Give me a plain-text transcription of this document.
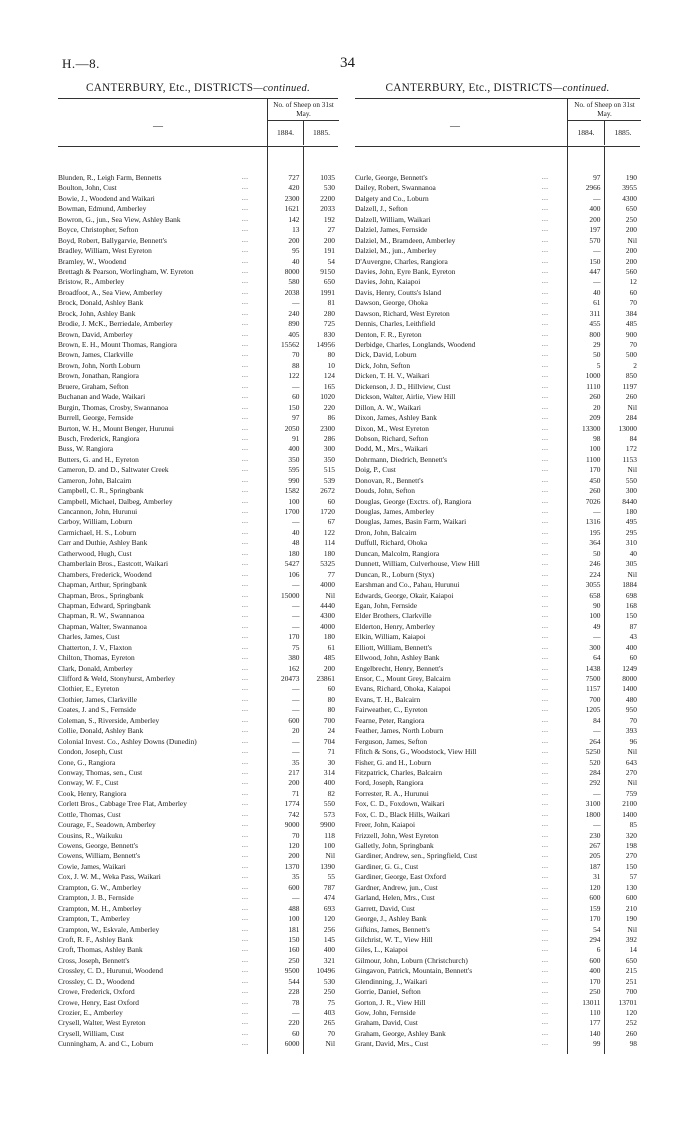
H.—8.	34
CANTERBURY, Etc., DISTRICTS—continued.
—
No. of Sheep on 31st May.
1884.	1885.
Blunden, R., Leigh Farm, Bennetts	...	727	1035
Boulton, John, Cust	...	420	530
Bowie, J., Woodend and Waikari	...	2300	2200
Bowman, Edmund, Amberley	...	1621	2033
Bowron, G., jun., Sea View, Ashley Bank	...	142	192
Boyce, Christopher, Sefton	...	13	27
Boyd, Robert, Ballygarvie, Bennett's	...	200	200
Bradley, William, West Eyreton	...	95	191
Bramley, W., Woodend	...	40	54
Brettagh & Pearson, Worlingham, W. Eyreton	...	8000	9150
Bristow, R., Amberley	...	580	650
Broadfoot, A., Sea View, Amberley	...	2038	1991
Brock, Donald, Ashley Bank	...	—	81
Brock, John, Ashley Bank	...	240	280
Brodie, J. McK., Berriedale, Amberley	...	890	725
Brown, David, Amberley	...	405	830
Brown, E. H., Mount Thomas, Rangiora	...	15562	14956
Brown, James, Clarkville	...	70	80
Brown, John, North Loburn	...	88	10
Brown, Jonathan, Rangiora	...	122	124
Bruere, Graham, Sefton	...	—	165
Buchanan and Wade, Waikari	...	60	1020
Burgin, Thomas, Crosby, Swannanoa	...	150	220
Burrell, George, Fernside	...	97	86
Burton, W. H., Mount Benger, Hurunui	...	2050	2300
Busch, Frederick, Rangiora	...	91	286
Buss, W. Rangiora	...	400	300
Butters, G. and H., Eyreton	...	350	350
Cameron, D. and D., Saltwater Creek	...	595	515
Cameron, John, Balcairn	...	990	539
Campbell, C. R., Springbank	...	1582	2672
Campbell, Michael, Dalbeg, Amberley	...	100	60
Cancannon, John, Hurunui	...	1700	1720
Carboy, William, Loburn	...	—	67
Carmichael, H. S., Loburn	...	40	122
Carr and Duthie, Ashley Bank	...	48	114
Catherwood, Hugh, Cust	...	180	180
Chamberlain Bros., Eastcott, Waikari	...	5427	5325
Chambers, Frederick, Woodend	...	106	77
Chapman, Arthur, Springbank	...	—	4000
Chapman, Bros., Springbank	...	15000	Nil
Chapman, Edward, Springbank	...	—	4440
Chapman, R. W., Swannanoa	...	—	4300
Chapman, Walter, Swannanoa	...	—	4000
Charles, James, Cust	...	170	180
Chatterton, J. V., Flaxton	...	75	61
Chilton, Thomas, Eyreton	...	380	485
Clark, Donald, Amberley	...	162	200
Clifford & Weld, Stonyhurst, Amberley	...	20473	23861
Clothier, E., Eyreton	...	—	60
Clothier, James, Clarkville	...	—	80
Coates, J. and S., Fernside	...	—	80
Coleman, S., Riverside, Amberley	...	600	700
Collie, Donald, Ashley Bank	...	20	24
Colonial Invest. Co., Ashley Downs (Dunedin)	...	—	704
Condon, Joseph, Cust	...	—	71
Cone, G., Rangiora	...	35	30
Conway, Thomas, sen., Cust	...	217	314
Conway, W. F., Cust	...	200	400
Cook, Henry, Rangiora	...	71	82
Corlett Bros., Cabbage Tree Flat, Amberley	...	1774	550
Cottle, Thomas, Cust	...	742	573
Courage, F., Seadown, Amberley	...	9000	9900
Cousins, R., Waikuku	...	70	118
Cowens, George, Bennett's	...	120	100
Cowens, William, Bennett's	...	200	Nil
Cowie, James, Waikari	...	1370	1390
Cox, J. W. M., Weka Pass, Waikari	...	35	55
Crampton, G. W., Amberley	...	600	787
Crampton, J. B., Fernside	...	—	474
Crampton, M. H., Amberley	...	488	693
Crampton, T., Amberley	...	100	120
Crampton, W., Eskvale, Amberley	...	181	256
Croft, R. F., Ashley Bank	...	150	145
Croft, Thomas, Ashley Bank	...	160	400
Cross, Joseph, Bennett's	...	250	321
Crossley, C. D., Hurunui, Woodend	...	9500	10496
Crossley, C. D., Woodend	...	544	530
Crowe, Frederick, Oxford	...	228	250
Crowe, Henry, East Oxford	...	78	75
Crozier, E., Amberley	...	—	403
Crysell, Walter, West Eyreton	...	220	265
Crysell, William, Cust	...	60	70
Cunningham, A. and C., Loburn	...	6000	Nil
CANTERBURY, Etc., DISTRICTS—continued.
—
No. of Sheep on 31st May.
1884.	1885.
Curle, George, Bennett's	...	97	190
Dailey, Robert, Swannanoa	...	2966	3955
Dalgety and Co., Loburn	...	—	4300
Dalzell, J., Sefton	...	400	650
Dalzell, William, Waikari	...	200	250
Dalziel, James, Fernside	...	197	200
Dalziel, M., Bramdeen, Amberley	...	570	Nil
Dalziel, M., jun., Amberley	...	—	200
D'Auvergne, Charles, Rangiora	...	150	200
Davies, John, Eyre Bank, Eyreton	...	447	560
Davies, John, Kaiapoi	...	—	12
Davis, Henry, Coutts's Island	...	40	60
Dawson, George, Ohoka	...	61	70
Dawson, Richard, West Eyreton	...	311	384
Dennis, Charles, Leithfield	...	455	485
Denton, F. R., Eyreton	...	800	900
Derbidge, Charles, Longlands, Woodend	...	29	70
Dick, David, Loburn	...	50	500
Dick, John, Sefton	...	5	2
Dicken, T. H. V., Waikari	...	1000	850
Dickenson, J. D., Hillview, Cust	...	1110	1197
Dickson, Walter, Airlie, View Hill	...	260	260
Dillon, A. W., Waikari	...	20	Nil
Dixon, James, Ashley Bank	...	209	284
Dixon, M., West Eyreton	...	13300	13000
Dobson, Richard, Sefton	...	98	84
Dodd, M., Mrs., Waikari	...	100	172
Dohrmann, Diedrich, Bennett's	...	1100	1153
Doig, P., Cust	...	170	Nil
Donovan, R., Bennett's	...	450	550
Douds, John, Sefton	...	260	300
Douglas, George (Exctrs. of), Rangiora	...	7026	8440
Douglas, James, Amberley	...	—	180
Douglas, James, Basin Farm, Waikari	...	1316	495
Dron, John, Balcairn	...	195	295
Duffull, Richard, Ohoka	...	364	310
Duncan, Malcolm, Rangiora	...	50	40
Dunnett, William, Culverhouse, View Hill	...	246	305
Duncan, R., Loburn (Styx)	...	224	Nil
Earshman and Co., Pahau, Hurunui	...	3055	1884
Edwards, George, Okair, Kaiapoi	...	658	698
Egan, John, Fernside	...	90	168
Elder Brothers, Clarkville	...	100	150
Elderton, Henry, Amberley	...	49	87
Elkin, William, Kaiapoi	...	—	43
Elliott, William, Bennett's	...	300	400
Ellwood, John, Ashley Bank	...	64	60
Engelbrecht, Henry, Bennett's	...	1438	1249
Ensor, C., Mount Grey, Balcairn	...	7500	8000
Evans, Richard, Ohoka, Kaiapoi	...	1157	1400
Evans, T. H., Balcairn	...	700	480
Fairweather, C., Eyreton	...	1205	950
Fearne, Peter, Rangiora	...	84	70
Feather, James, North Loburn	...	—	393
Ferguson, James, Sefton	...	264	96
Ffitch & Sons, G., Woodstock, View Hill	...	5250	Nil
Fisher, G. and H., Loburn	...	520	643
Fitzpatrick, Charles, Balcairn	...	284	270
Ford, Joseph, Rangiora	...	292	Nil
Forrester, R. A., Hurunui	...	—	759
Fox, C. D., Foxdown, Waikari	...	3100	2100
Fox, C. D., Black Hills, Waikari	...	1800	1400
Freer, John, Kaiapoi	...	—	85
Frizzell, John, West Eyreton	...	230	320
Galletly, John, Springbank	...	267	198
Gardiner, Andrew, sen., Springfield, Cust	...	205	270
Gardiner, G. G., Cust	...	187	150
Gardiner, George, East Oxford	...	31	57
Gardner, Andrew, jun., Cust	...	120	130
Garland, Helen, Mrs., Cust	...	600	600
Garrett, David, Cust	...	159	210
George, J., Ashley Bank	...	170	190
Gifkins, James, Bennett's	...	54	Nil
Gilchrist, W. T., View Hill	...	294	392
Giles, L., Kaiapoi	...	6	14
Gilmour, John, Loburn (Christchurch)	...	600	650
Gingavon, Patrick, Mountain, Bennett's	...	400	215
Glendinning, J., Waikari	...	170	251
Gorrie, Daniel, Sefton	...	250	700
Gorton, J. R., View Hill	...	13011	13701
Gow, John, Fernside	...	110	120
Graham, David, Cust	...	177	252
Graham, George, Ashley Bank	...	140	260
Grant, David, Mrs., Cust	...	99	98
